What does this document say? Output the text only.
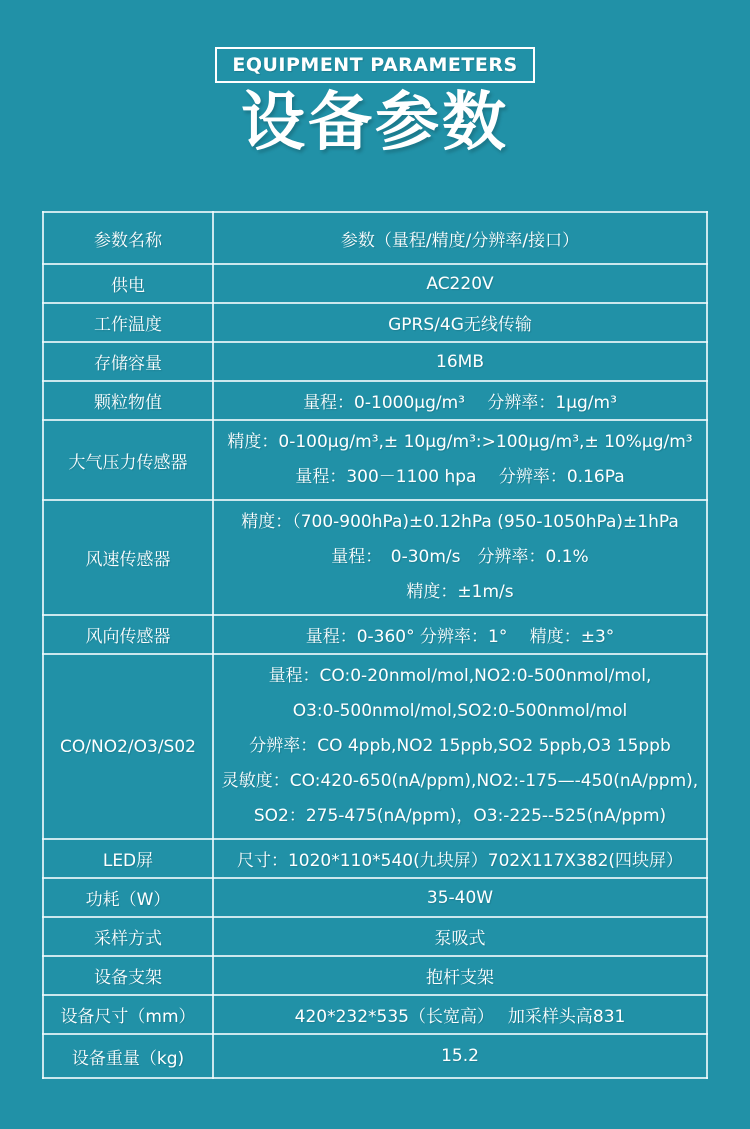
EQUIPMENT PARAMETERS
设备参数
参数名称	参数（量程/精度/分辨率/接口）
供电	AC220V
工作温度	GPRS/4G无线传输
存储容量	16MB
颗粒物值	量程：0-1000μg/m³　 分辨率：1μg/m³
大气压力传感器	精度：0-100μg/m³,± 10μg/m³:>100μg/m³,± 10%μg/m³
量程：300－1100 hpa　 分辨率：0.16Pa

风速传感器	精度：（700-900hPa)±0.12hPa (950-1050hPa)±1hPa
量程：　0-30m/s　分辨率：0.1%
精度：±1m/s

风向传感器	量程：0-360° 分辨率：1°　 精度：±3°
CO/NO2/O3/S02	量程：CO:0-20nmol/mol,NO2:0-500nmol/mol,
O3:0-500nmol/mol,SO2:0-500nmol/mol
分辨率：CO 4ppb,NO2 15ppb,SO2 5ppb,O3 15ppb
灵敏度：CO:420-650(nA/ppm),NO2:-175—-450(nA/ppm),
SO2：275-475(nA/ppm)，O3:-225--525(nA/ppm)

LED屏	尺寸：1020*110*540(九块屏）702X117X382(四块屏）
功耗（W）	35-40W
采样方式	泵吸式
设备支架	抱杆支架
设备尺寸（mm）	420*232*535（长宽高）　 加采样头高831
设备重量（kg)	15.2
